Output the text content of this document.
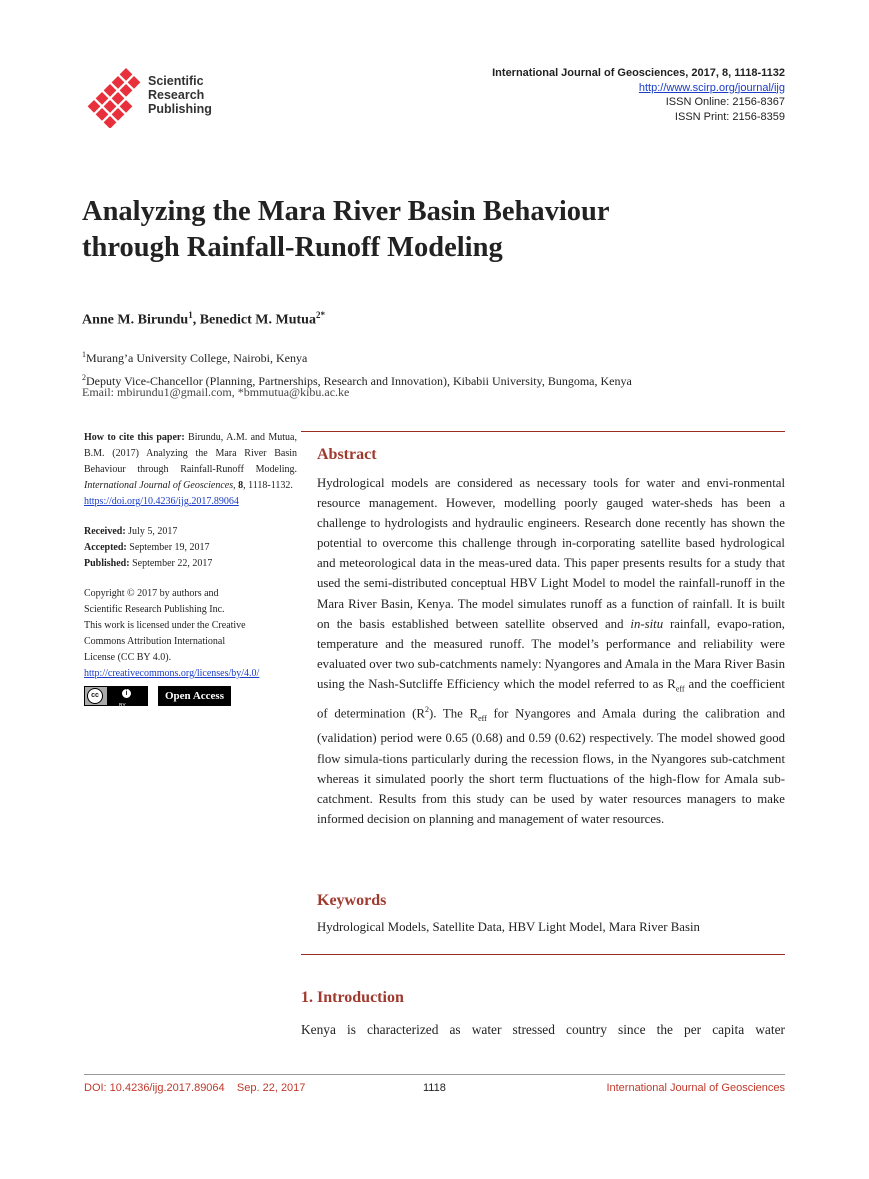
Scientific
Research
Publishing
International Journal of Geosciences, 2017, 8, 1118-1132
http://www.scirp.org/journal/ijg
ISSN Online: 2156-8367
ISSN Print: 2156-8359
Analyzing the Mara River Basin Behaviour
through Rainfall-Runoff Modeling
Anne M. Birundu$^1$, Benedict M. Mutua$^{2*}$
$^1$Murang’a University College, Nairobi, Kenya
$^2$Deputy Vice-Chancellor (Planning, Partnerships, Research and Innovation), Kibabii University, Bungoma, Kenya
Email: mbirundu1@gmail.com, *bmmutua@kibu.ac.ke
How to cite this paper: Birundu, A.M. and Mutua, B.M. (2017) Analyzing the Mara River Basin Behaviour through Rainfall-Runoff Modeling. International Journal of Geosciences, 8, 1118-1132.
https://doi.org/10.4236/ijg.2017.89064
Received: July 5, 2017
Accepted: September 19, 2017
Published: September 22, 2017
Copyright © 2017 by authors and
Scientific Research Publishing Inc.
This work is licensed under the Creative
Commons Attribution International
License (CC BY 4.0).
http://creativecommons.org/licenses/by/4.0/
cc	i
BY
Open Access
Abstract
Hydrological models are considered as necessary tools for water and envi-ronmental resource management. However, modelling poorly gauged water-sheds has been a challenge to hydrologists and hydraulic engineers. Research done recently has shown the potential to overcome this challenge through in-corporating satellite based hydrological and meteorological data in the meas-ured data. This paper presents results for a study that used the semi-distributed conceptual HBV Light Model to model the rainfall-runoff in the Mara River Basin, Kenya. The model simulates runoff as a function of rainfall. It is built on the basis established between satellite observed and in-situ rainfall, evapo-ration, temperature and the measured runoff. The model’s performance and reliability were evaluated over two sub-catchments namely: Nyangores and Amala in the Mara River Basin using the Nash-Sutcliffe Efficiency which the model referred to as $R_{eff}$ and the coefficient of determination $(R^2)$. The $R_{eff}$ for Nyangores and Amala during the calibration and (validation) period were 0.65 (0.68) and 0.59 (0.62) respectively. The model showed good flow simula-tions particularly during the recession flows, in the Nyangores sub-catchment whereas it simulated poorly the short term fluctuations of the high-flow for Amala sub-catchment. Results from this study can be used by water resources managers to make informed decision on planning and management of water resources.
Keywords
Hydrological Models, Satellite Data, HBV Light Model, Mara River Basin
1. Introduction
Kenya is characterized as water stressed country since the per capita water
DOI: 10.4236/ijg.2017.89064 Sep. 22, 2017	1118	International Journal of Geosciences
